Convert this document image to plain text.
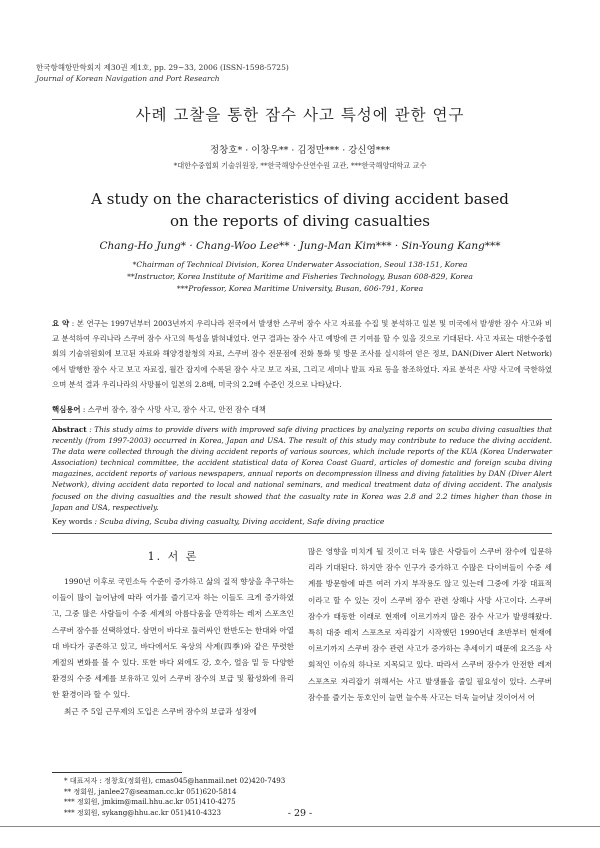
한국항해항만학회지 제30권 제1호, pp. 29~33, 2006 (ISSN-1598-5725)
Journal of Korean Navigation and Port Research
사례 고찰을 통한 잠수 사고 특성에 관한 연구
정창호* · 이창우** · 김정만*** · 강신영***
*대한수중협회 기술위원장, **한국해양수산연수원 교관, ***한국해양대학교 교수
A study on the characteristics of diving accident based
on the reports of diving casualties
Chang-Ho Jung* · Chang-Woo Lee** · Jung-Man Kim*** · Sin-Young Kang***
*Chairman of Technical Division, Korea Underwater Association, Seoul 138-151, Korea
**Instructor, Korea Institute of Maritime and Fisheries Technology, Busan 608-829, Korea
***Professor, Korea Maritime University, Busan, 606-791, Korea
요 약 : 본 연구는 1997년부터 2003년까지 우리나라 전국에서 발생한 스쿠버 잠수 사고 자료를 수집 및 분석하고 일본 및 미국에서 발생한 잠수 사고와 비교 분석하여 우리나라 스쿠버 잠수 사고의 특성을 밝혀내었다. 연구 결과는 잠수 사고 예방에 큰 기여를 할 수 있을 것으로 기대된다. 사고 자료는 대한수중협회의 기술위원회에 보고된 자료와 해양경찰청의 자료, 스쿠버 잠수 전문점에 전화 통화 및 방문 조사를 실시하여 얻은 정보, DAN(Diver Alert Network)에서 발행한 잠수 사고 보고 자료집, 월간 잡지에 수록된 잠수 사고 보고 자료, 그리고 세미나 발표 자료 등을 참조하였다. 자료 분석은 사망 사고에 국한하였으며 분석 결과 우리나라의 사망률이 일본의 2.8배, 미국의 2.2배 수준인 것으로 나타났다.
핵심용어 : 스쿠버 잠수, 잠수 사망 사고, 잠수 사고, 안전 잠수 대책
Abstract : This study aims to provide divers with improved safe diving practices by analyzing reports on scuba diving casualties that recently (from 1997-2003) occurred in Korea, Japan and USA. The result of this study may contribute to reduce the diving accident. The data were collected through the diving accident reports of various sources, which include reports of the KUA (Korea Underwater Association) technical committee, the accident statistical data of Korea Coast Guard, articles of domestic and foreign scuba diving magazines, accident reports of various newspapers, annual reports on decompression illness and diving fatalities by DAN (Diver Alert Network), diving accident data reported to local and national seminars, and medical treatment data of diving accident. The analysis focused on the diving casualties and the result showed that the casualty rate in Korea was 2.8 and 2.2 times higher than those in Japan and USA, respectively.
Key words : Scuba diving, Scuba diving casualty, Diving accident, Safe diving practice
1. 서 론

1990년 이후로 국민소득 수준이 증가하고 삶의 질적 향상을 추구하는 이들이 많이 늘어남에 따라 여가를 즐기고자 하는 이들도 크게 증가하였고, 그중 많은 사람들이 수중 세계의 아름다움을 만끽하는 레저 스포츠인 스쿠버 잠수를 선택하였다. 삼면이 바다로 둘러싸인 한반도는 한대와 아열대 바다가 공존하고 있고, 바다에서도 육상의 사계(四季)와 같은 뚜렷한 계절의 변화를 볼 수 있다. 또한 바다 외에도 강, 호수, 얼음 밑 등 다양한 환경의 수중 세계를 보유하고 있어 스쿠버 잠수의 보급 및 활성화에 유리한 환경이라 할 수 있다.

최근 주 5일 근무제의 도입은 스쿠버 잠수의 보급과 성장에

많은 영향을 미치게 될 것이고 더욱 많은 사람들이 스쿠버 잠수에 입문하리라 기대된다. 하지만 잠수 인구가 증가하고 수많은 다이버들이 수중 세계를 방문함에 따른 여러 가지 부작용도 않고 있는데 그중에 가장 대표적이라고 할 수 있는 것이 스쿠버 잠수 관련 상해나 사망 사고이다. 스쿠버 잠수가 태동한 이래로 현재에 이르기까지 많은 잠수 사고가 발생해왔다. 특히 대중 레저 스포츠로 자리잡기 시작했던 1990년대 초반부터 현재에 이르기까지 스쿠버 잠수 관련 사고가 증가하는 추세이기 때문에 요즈음 사회적인 이슈의 하나로 지목되고 있다. 따라서 스쿠버 잠수가 안전한 레저 스포츠로 자리잡기 위해서는 사고 발생률을 줄일 필요성이 있다. 스쿠버 잠수를 즐기는 동호인이 늘면 늘수록 사고는 더욱 늘어날 것이어서 어

* 대표저자 : 정창호(정회원), cmas045@hanmail.net 02)420-7493
** 정회원, janlee27@seaman.cc.kr 051)620-5814
*** 정회원, jmkim@mail.hhu.ac.kr 051)410-4275
*** 정회원, sykang@hhu.ac.kr 051)410-4323	- 29 -
